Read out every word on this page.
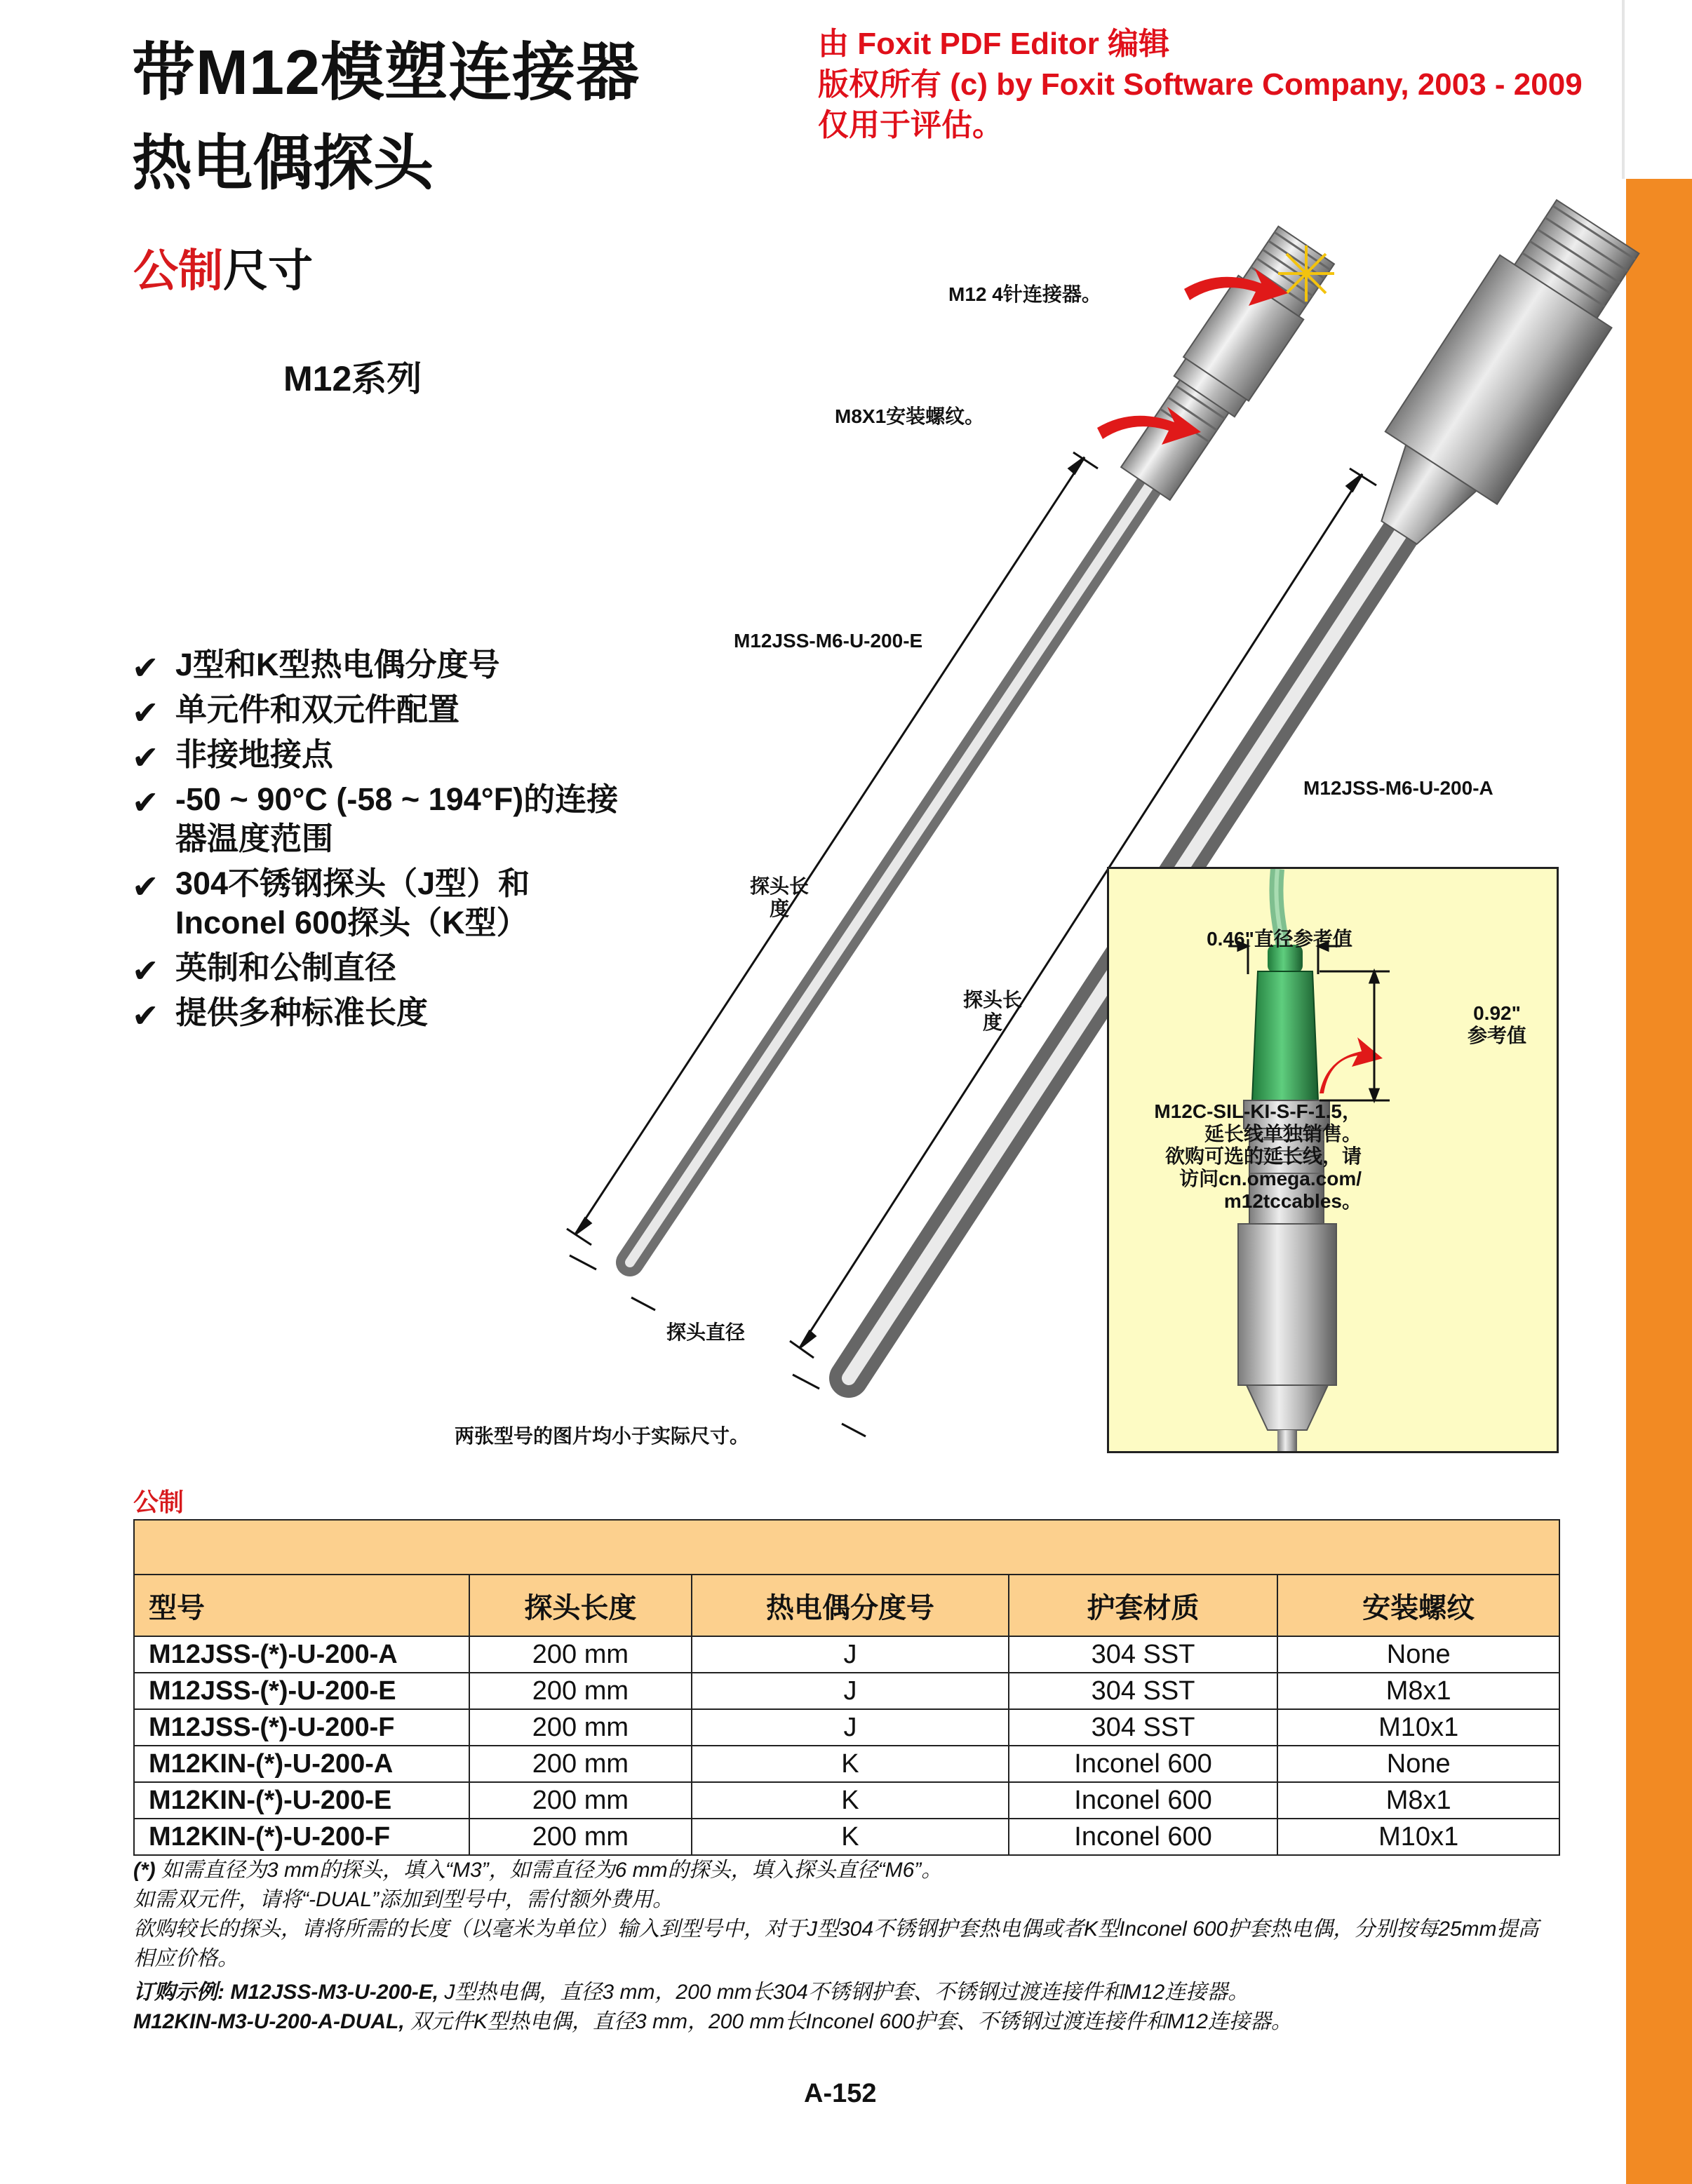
带M12模塑连接器
热电偶探头
公制尺寸
M12系列
由 Foxit PDF Editor 编辑
版权所有 (c) by Foxit Software Company, 2003 - 2009
仅用于评估。
✔ J型和K型热电偶分度号
✔ 单元件和双元件配置
✔ 非接地接点
✔ -50 ~ 90°C (-58 ~ 194°F)的连接器温度范围
✔ 304不锈钢探头（J型）和Inconel 600探头（K型）
✔ 英制和公制直径
✔ 提供多种标准长度
M12 4针连接器。
M8X1安装螺纹。
M12JSS-M6-U-200-E
M12JSS-M6-U-200-A
探头长度
探头长度
探头直径
两张型号的图片均小于实际尺寸。
0.46"直径参考值
0.92"
参考值
M12C-SIL-KI-S-F-1.5，
延长线单独销售。
欲购可选的延长线，请
访问cn.omega.com/
m12tccables。
公制

型号	探头长度	热电偶分度号	护套材质	安装螺纹
M12JSS-(*)-U-200-A	200 mm	J	304 SST	None
M12JSS-(*)-U-200-E	200 mm	J	304 SST	M8x1
M12JSS-(*)-U-200-F	200 mm	J	304 SST	M10x1
M12KIN-(*)-U-200-A	200 mm	K	Inconel 600	None
M12KIN-(*)-U-200-E	200 mm	K	Inconel 600	M8x1
M12KIN-(*)-U-200-F	200 mm	K	Inconel 600	M10x1

(*) 如需直径为3 mm的探头，填入“M3”，如需直径为6 mm的探头，填入探头直径“M6”。

如需双元件，请将“-DUAL”添加到型号中，需付额外费用。

欲购较长的探头，请将所需的长度（以毫米为单位）输入到型号中，对于J型304不锈钢护套热电偶或者K型Inconel 600护套热电偶，分别按每25mm提高相应价格。

订购示例: M12JSS-M3-U-200-E, J型热电偶，直径3 mm，200 mm长304不锈钢护套、不锈钢过渡连接件和M12连接器。

M12KIN-M3-U-200-A-DUAL, 双元件K型热电偶，直径3 mm，200 mm长Inconel 600护套、不锈钢过渡连接件和M12连接器。

A-152
